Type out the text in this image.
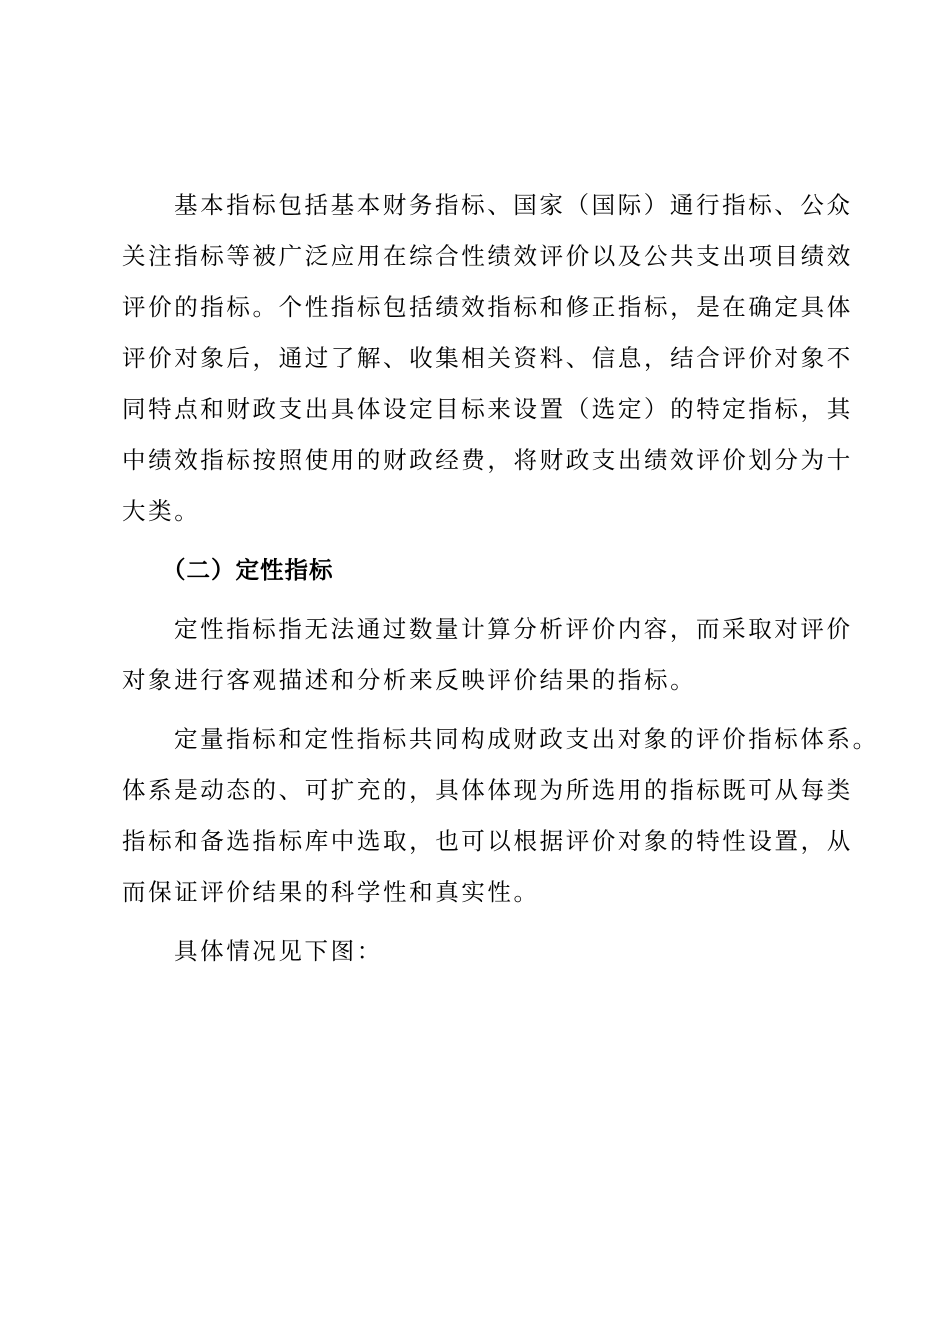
基本指标包括基本财务指标、国家（国际）通行指标、公众
关注指标等被广泛应用在综合性绩效评价以及公共支出项目绩效
评价的指标。个性指标包括绩效指标和修正指标，是在确定具体
评价对象后，通过了解、收集相关资料、信息，结合评价对象不
同特点和财政支出具体设定目标来设置（选定）的特定指标，其
中绩效指标按照使用的财政经费，将财政支出绩效评价划分为十
大类。
（二）定性指标
定性指标指无法通过数量计算分析评价内容，而采取对评价
对象进行客观描述和分析来反映评价结果的指标。
定量指标和定性指标共同构成财政支出对象的评价指标体系。
体系是动态的、可扩充的，具体体现为所选用的指标既可从每类
指标和备选指标库中选取，也可以根据评价对象的特性设置，从
而保证评价结果的科学性和真实性。
具体情况见下图：
